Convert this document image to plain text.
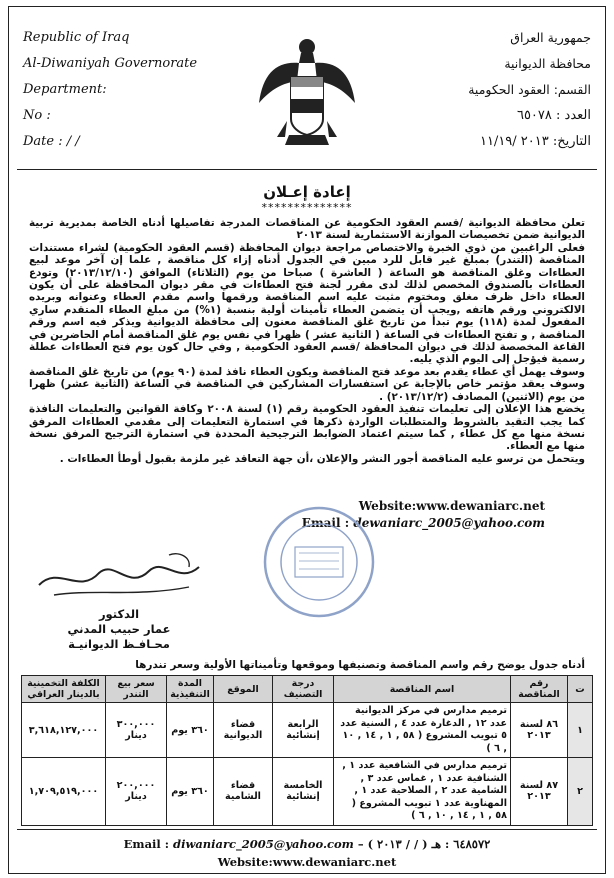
Republic of Iraq
Al-Diwaniyah Governorate
Department:
No :
Date : / /
جمهورية العراق
محافظة الديوانية
القسم: العقود الحكومية
العدد : ٦٥٠٧٨
التاريخ: ٢٠١٣ /١١/١٩
إعادة إعـلان
**************

تعلن محافظة الديوانية /قسم العقود الحكومية عن المناقصات المدرجة تفاصيلها أدناه الخاصة بمديرية تربية الديوانية ضمن تخصيصات الموازنة الاستثمارية لسنة ٢٠١٣

فعلى الراغبين من ذوي الخبرة والاختصاص مراجعة ديوان المحافظة (قسم العقود الحكومية) لشراء مستندات المناقصة (التندر) بمبلغ غير قابل للرد مبين في الجدول أدناه إزاء كل مناقصة , علما إن آخر موعد لبيع العطاءات وغلق المناقصة هو الساعة ( العاشرة ) صباحا من يوم (الثلاثاء) الموافق (٢٠١٣/١٢/١٠) وتودع العطاءات بالصندوق المخصص لذلك لدى مقرر لجنة فتح العطاءات في مقر ديوان المحافظة على أن يكون العطاء داخل ظرف مغلق ومختوم مثبت عليه اسم المناقصة ورقمها واسم مقدم العطاء وعنوانه وبريده الالكتروني ورقم هاتفه ,ويجب أن يتضمن العطاء تأمينات أولية بنسبة (١%) من مبلغ العطاء المتقدم ساري المفعول لمدة (١١٨) يوم تبدأ من تاريخ غلق المناقصة معنون إلى محافظة الديوانية ويذكر فيه اسم ورقم المناقصة , و تفتح العطاءات في الساعة ( الثانية عشر ) ظهرا في نفس يوم غلق المناقصة أمام الحاضرين في القاعة المخصصة لذلك في ديوان المحافظة /قسم العقود الحكومية , وفي حال كون يوم فتح العطاءات عطلة رسمية فيؤجل إلى اليوم الذي يليه.

وسوف يهمل أي عطاء يقدم بعد موعد فتح المناقصة ويكون العطاء نافذ لمدة (٩٠ يوم) من تاريخ غلق المناقصة وسوف يعقد مؤتمر خاص بالإجابة عن استفسارات المشاركين في المناقصة في الساعة (الثانية عشر) ظهرا من يوم (الاثنين) المصادف (٢٠١٣/١٢/٢) .

يخضع هذا الإعلان إلى تعليمات تنفيذ العقود الحكومية رقم (١) لسنة ٢٠٠٨ وكافة القوانين والتعليمات النافذة كما يجب التقيد بالشروط والمتطلبات الواردة ذكرها في استمارة التعليمات إلى مقدمي العطاءات المرفق نسخة منها مع كل عطاء , كما سيتم اعتماد الضوابط الترجيحية المحددة في استمارة الترجيح المرفق نسخة منها مع العطاء.

ويتحمل من ترسو عليه المناقصة أجور النشر والإعلان ،أن جهة التعاقد غير ملزمة بقبول أوطأ العطاءات .

Website:www.dewaniarc.net
Email : dewaniarc_2005@yahoo.com
الدكتور
عمار حبيب المدني
محـافـظ الديوانيـة
أدناه جدول يوضح رقم واسم المناقصة وتصنيفها وموقعها وتأميناتها الأولية وسعر تندرها
ت	رقم المناقصة	اسم المناقصة	درجة التصنيف	الموقع	المدة التنفيذية	سعر بيع التندر	الكلفة التخمينية بالدينار العراقي
١	٨٦ لسنة ٢٠١٣	ترميم مدارس في مركز الديوانية عدد ١٢ , الدغارة عدد ٤ , السنية عدد ٥ تبويب المشروع ( ٥٨ , ١ , ١٤ , ١٠ , ٦ )	الرابعة إنشائية	قضاء الديوانية	٣٦٠ يوم	٣٠٠,٠٠٠ دينار	٣,٦١٨,١٢٧,٠٠٠
٢	٨٧ لسنة ٢٠١٣	ترميم مدارس في الشافعية عدد ١ , الشنافية عدد ١ , غماس عدد ٣ , الشامية عدد ٢ , الصلاحية عدد ١ , المهناوية عدد ١ تبويب المشروع ( ٥٨ , ١ , ١٤ , ١٠ , ٦ )	الخامسة إنشائية	قضاء الشامية	٣٦٠ يوم	٢٠٠,٠٠٠ دينار	١,٧٠٩,٥١٩,٠٠٠
Email : diwaniarc_2005@yahoo.com – ( ٢٠١٣ / / ) ٦٤٨٥٧٢ : هـ
Website:www.dewaniarc.net
